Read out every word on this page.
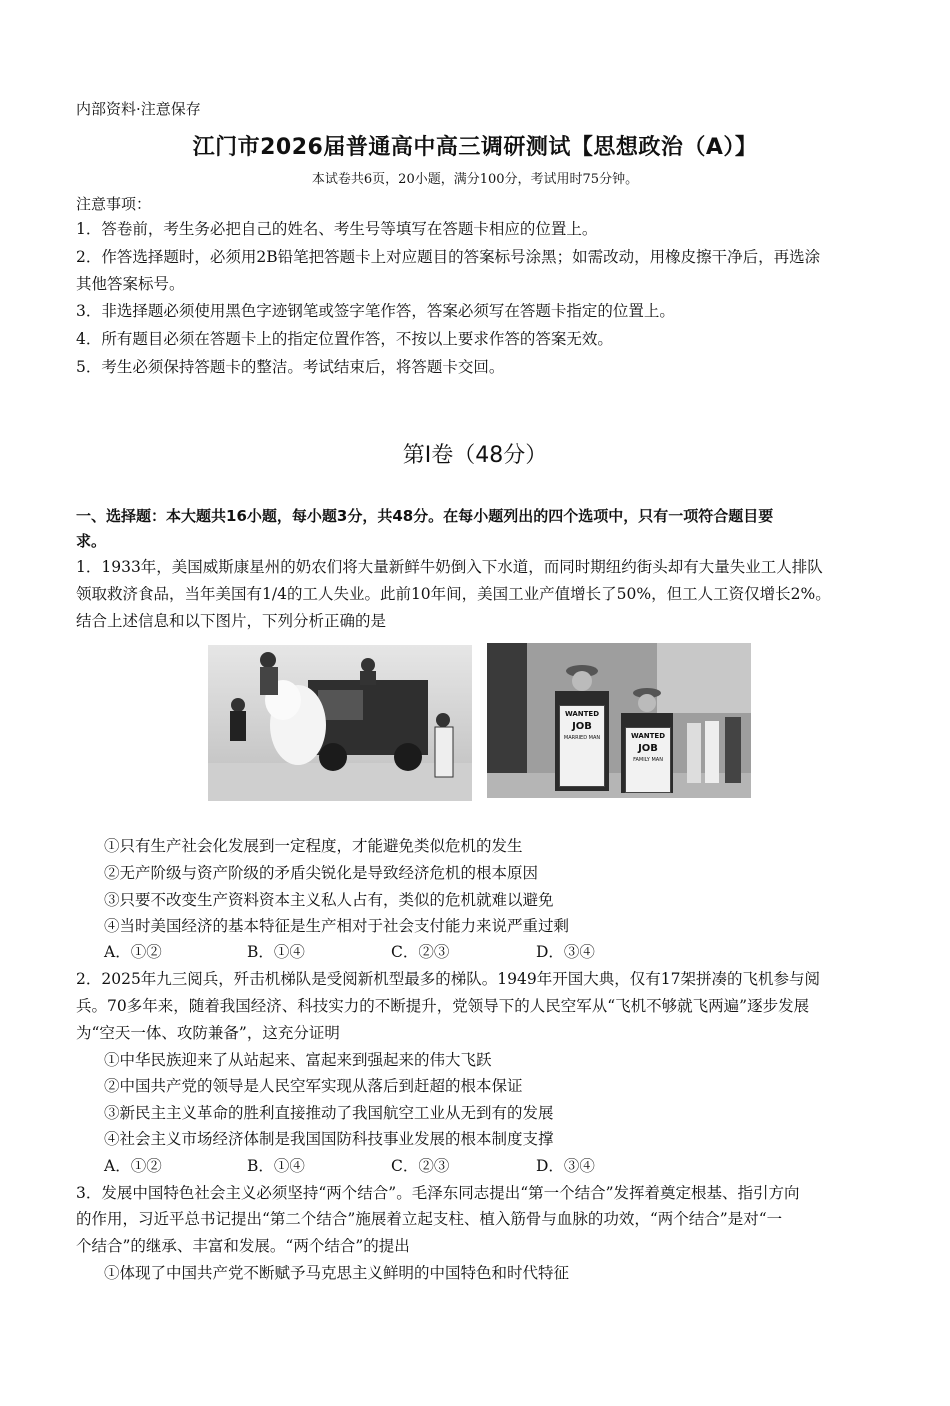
内部资料·注意保存
江门市2026届普通高中高三调研测试【思想政治（A）】
本试卷共6页，20小题，满分100分，考试用时75分钟。
注意事项：
1．答卷前，考生务必把自己的姓名、考生号等填写在答题卡相应的位置上。
2．作答选择题时，必须用2B铅笔把答题卡上对应题目的答案标号涂黑；如需改动，用橡皮擦干净后，再选涂
其他答案标号。
3．非选择题必须使用黑色字迹钢笔或签字笔作答，答案必须写在答题卡指定的位置上。
4．所有题目必须在答题卡上的指定位置作答，不按以上要求作答的答案无效。
5．考生必须保持答题卡的整洁。考试结束后，将答题卡交回。
第Ⅰ卷（48分）
一、选择题：本大题共16小题，每小题3分，共48分。在每小题列出的四个选项中，只有一项符合题目要
求。
1．1933年，美国威斯康星州的奶农们将大量新鲜牛奶倒入下水道，而同时期纽约街头却有大量失业工人排队
领取救济食品，当年美国有1/4的工人失业。此前10年间，美国工业产值增长了50%，但工人工资仅增长2%。
结合上述信息和以下图片，下列分析正确的是
WANTED
JOB
MARRIED MAN	WANTED
JOB
FAMILY MAN
①只有生产社会化发展到一定程度，才能避免类似危机的发生
②无产阶级与资产阶级的矛盾尖锐化是导致经济危机的根本原因
③只要不改变生产资料资本主义私人占有，类似的危机就难以避免
④当时美国经济的基本特征是生产相对于社会支付能力来说严重过剩
A．①②	B．①④	C．②③	D．③④
2．2025年九三阅兵，歼击机梯队是受阅新机型最多的梯队。1949年开国大典，仅有17架拼凑的飞机参与阅
兵。70多年来，随着我国经济、科技实力的不断提升，党领导下的人民空军从“飞机不够就飞两遍”逐步发展
为“空天一体、攻防兼备”，这充分证明
①中华民族迎来了从站起来、富起来到强起来的伟大飞跃
②中国共产党的领导是人民空军实现从落后到赶超的根本保证
③新民主主义革命的胜利直接推动了我国航空工业从无到有的发展
④社会主义市场经济体制是我国国防科技事业发展的根本制度支撑
A．①②	B．①④	C．②③	D．③④
3．发展中国特色社会主义必须坚持“两个结合”。毛泽东同志提出“第一个结合”发挥着奠定根基、指引方向
的作用，习近平总书记提出“第二个结合”施展着立起支柱、植入筋骨与血脉的功效，“两个结合”是对“一
个结合”的继承、丰富和发展。“两个结合”的提出
①体现了中国共产党不断赋予马克思主义鲜明的中国特色和时代特征
